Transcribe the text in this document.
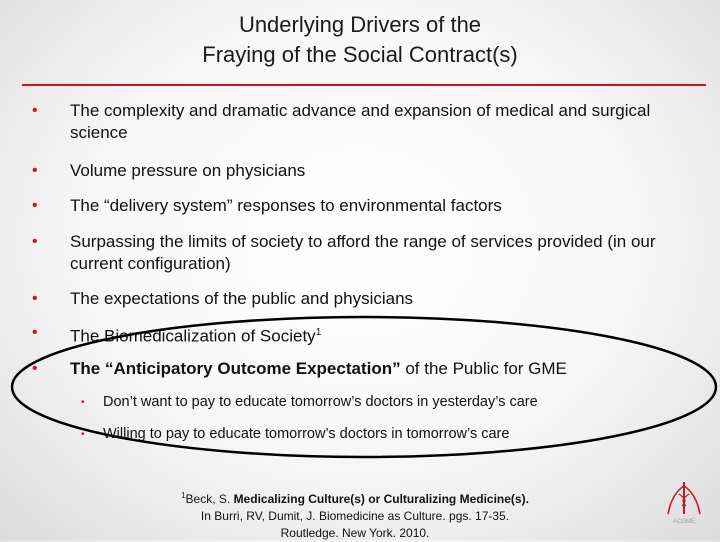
Underlying Drivers of the
Fraying of the Social Contract(s)
• The complexity and dramatic advance and expansion of medical and surgical science
• Volume pressure on physicians
• The “delivery system” responses to environmental factors
• Surpassing the limits of society to afford the range of services provided (in our current configuration)
• The expectations of the public and physicians
• The Biomedicalization of Society$^1$
• The “Anticipatory Outcome Expectation” of the Public for GME
• Don’t want to pay to educate tomorrow’s doctors in yesterday’s care
• Willing to pay to educate tomorrow’s doctors in tomorrow’s care
$^1$Beck, S. Medicalizing Culture(s) or Culturalizing Medicine(s).
In Burri, RV, Dumit, J. Biomedicine as Culture. pgs. 17-35.
Routledge. New York. 2010.
ACGME
